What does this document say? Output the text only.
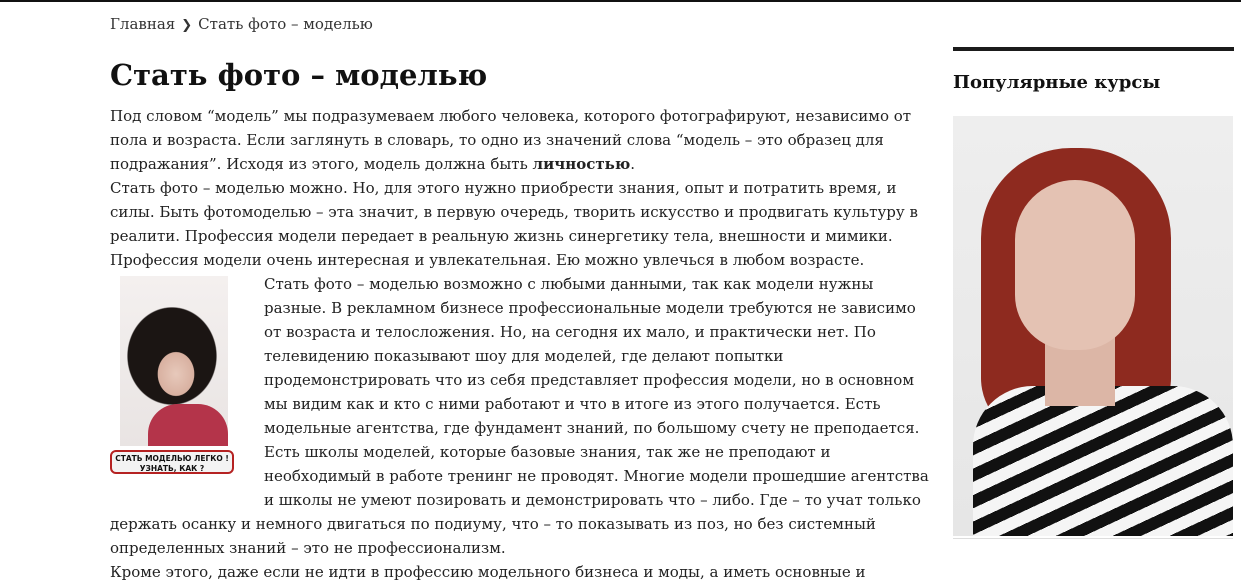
Главная ❯ Стать фото – моделью
Стать фото – моделью

Под словом “модель” мы подразумеваем любого человека, которого фотографируют, независимо от пола и возраста. Если заглянуть в словарь, то одно из значений слова “модель – это образец для подражания”. Исходя из этого, модель должна быть личностью.

Стать фото – моделью можно. Но, для этого нужно приобрести знания, опыт и потратить время, и силы. Быть фотомоделью – эта значит, в первую очередь, творить искусство и продвигать культуру в реалити. Профессия модели передает в реальную жизнь синергетику тела, внешности и мимики. Профессия модели очень интересная и увлекательная. Ею можно увлечься в любом возрасте.

СТАТЬ МОДЕЛЬЮ ЛЕГКО !
УЗНАТЬ, КАК ?

Стать фото – моделью возможно с любыми данными, так как модели нужны разные. В рекламном бизнесе профессиональные модели требуются не зависимо от возраста и телосложения. Но, на сегодня их мало, и практически нет. По телевидению показывают шоу для моделей, где делают попытки продемонстрировать что из себя представляет профессия модели, но в основном мы видим как и кто с ними работают и что в итоге из этого получается. Есть модельные агентства, где фундамент знаний, по большому счету не преподается. Есть школы моделей, которые базовые знания, так же не преподают и необходимый в работе тренинг не проводят. Многие модели прошедшие агентства и школы не умеют позировать и демонстрировать что – либо. Где – то учат только держать осанку и немного двигаться по подиуму, что – то показывать из поз, но без системный определенных знаний – это не профессионализм.

Кроме этого, даже если не идти в профессию модельного бизнеса и моды, а иметь основные и

Популярные курсы
